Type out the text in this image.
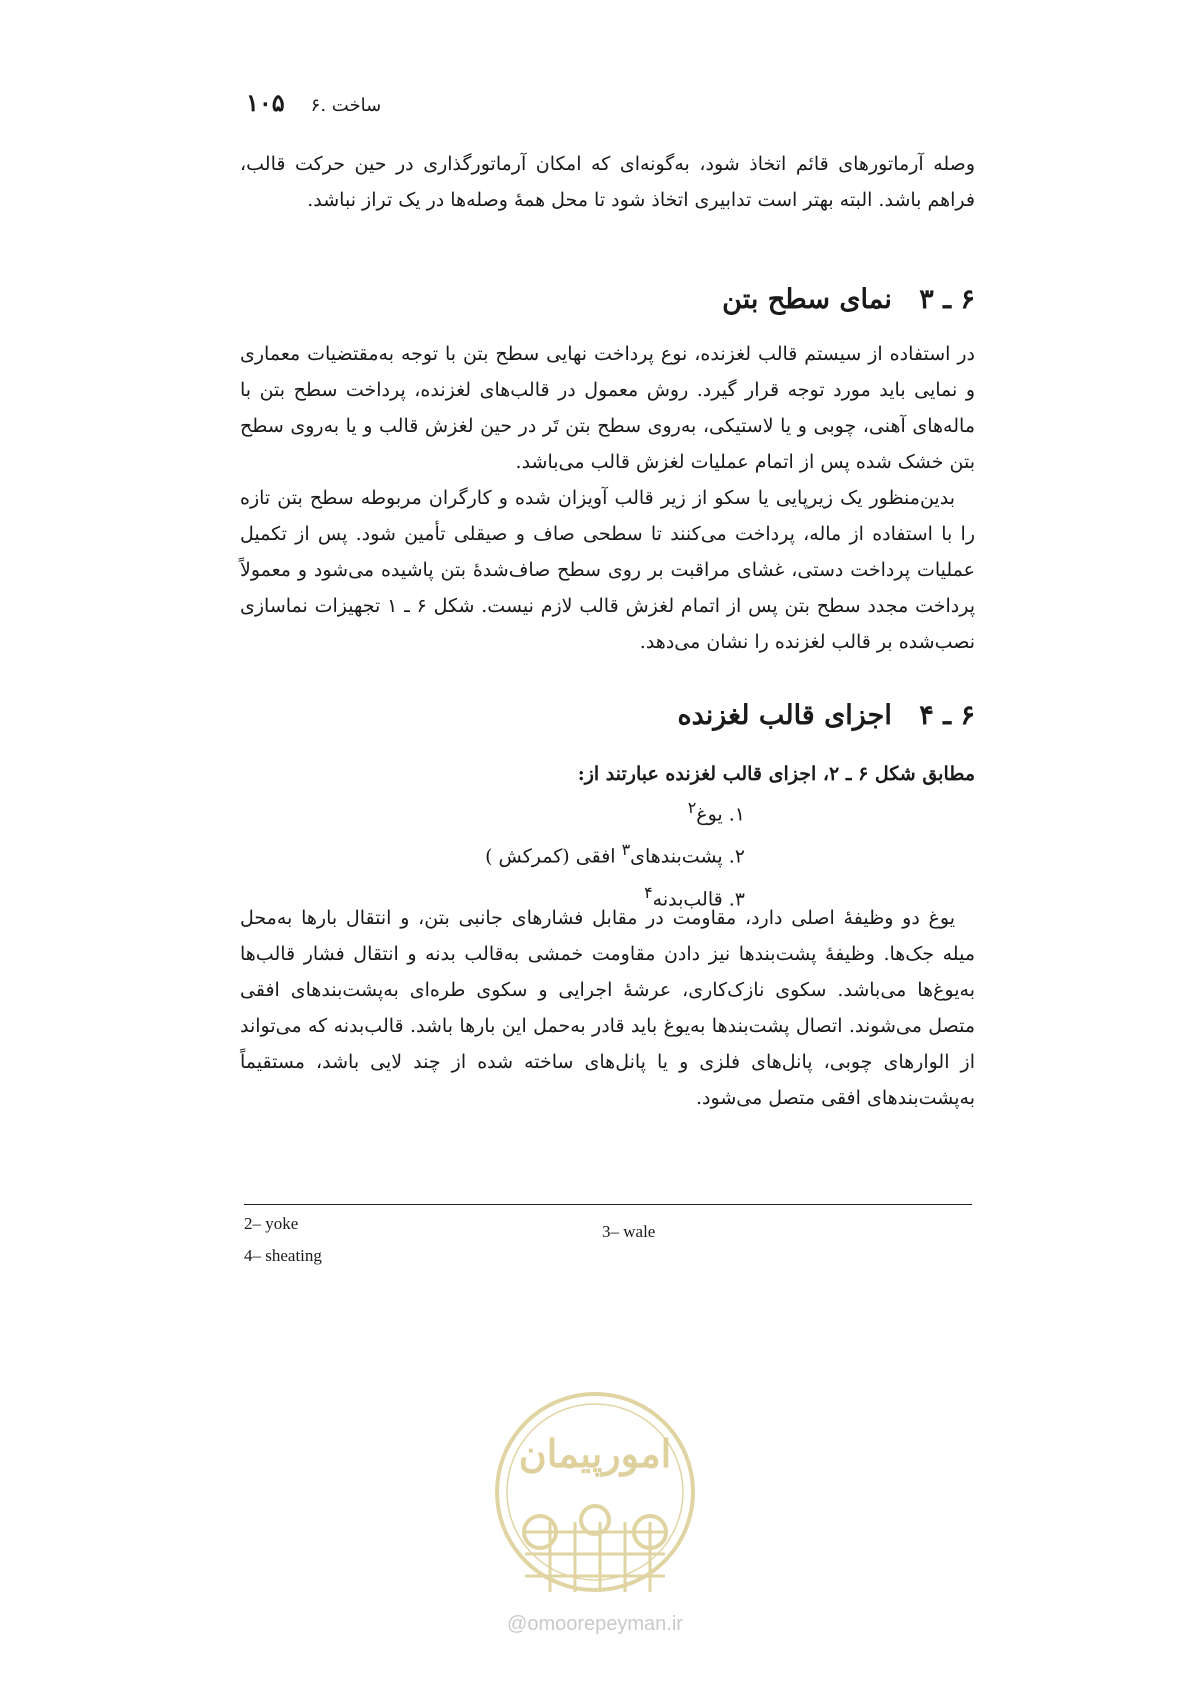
۱۰۵ ۶. ساخت

وصله آرماتورهای قائم اتخاذ شود، به‌گونه‌ای که امکان آرماتورگذاری در حین حرکت قالب، فراهم باشد. البته بهتر است تدابیری اتخاذ شود تا محل همهٔ وصله‌ها در یک تراز نباشد.

۶ ـ ۳ نمای سطح بتن

در استفاده از سیستم قالب لغزنده، نوع پرداخت نهایی سطح بتن با توجه به‌مقتضیات معماری و نمایی باید مورد توجه قرار گیرد. روش معمول در قالب‌های لغزنده، پرداخت سطح بتن با ماله‌های آهنی، چوبی و یا لاستیکی، به‌روی سطح بتن تَر در حین لغزش قالب و یا به‌روی سطح بتن خشک شده پس از اتمام عملیات لغزش قالب می‌باشد.

بدین‌منظور یک زیرپایی یا سکو از زیر قالب آویزان شده و کارگران مربوطه سطح بتن تازه را با استفاده از ماله، پرداخت می‌کنند تا سطحی صاف و صیقلی تأمین شود. پس از تکمیل عملیات پرداخت دستی، غشای مراقبت بر روی سطح صاف‌شدهٔ بتن پاشیده می‌شود و معمولاً پرداخت مجدد سطح بتن پس از اتمام لغزش قالب لازم نیست. شکل ۶ ـ ۱ تجهیزات نماسازی نصب‌شده بر قالب لغزنده را نشان می‌دهد.

۶ ـ ۴ اجزای قالب لغزنده

مطابق شکل ۶ ـ ۲، اجزای قالب لغزنده عبارتند از:

۱. یوغ$^۲$
۲. پشت‌بندهای$^۳$ افقی (کمرکش )
۳. قالب‌بدنه$^۴$

یوغ دو وظیفهٔ اصلی دارد، مقاومت در مقابل فشارهای جانبی بتن، و انتقال بارها به‌محل میله جک‌ها. وظیفهٔ پشت‌بندها نیز دادن مقاومت خمشی به‌قالب بدنه و انتقال فشار قالب‌ها به‌یوغ‌ها می‌باشد. سکوی نازک‌کاری، عرشهٔ اجرایی و سکوی طره‌ای به‌پشت‌بندهای افقی متصل می‌شوند. اتصال پشت‌بندها به‌یوغ باید قادر به‌حمل این بارها باشد. قالب‌بدنه که می‌تواند از الوارهای چوبی، پانل‌های فلزی و یا پانل‌های ساخته شده از چند لایی باشد، مستقیماً به‌پشت‌بندهای افقی متصل می‌شود.

2– yoke	3– wale
4– sheating
امورپیمان
@omoorepeyman.ir
